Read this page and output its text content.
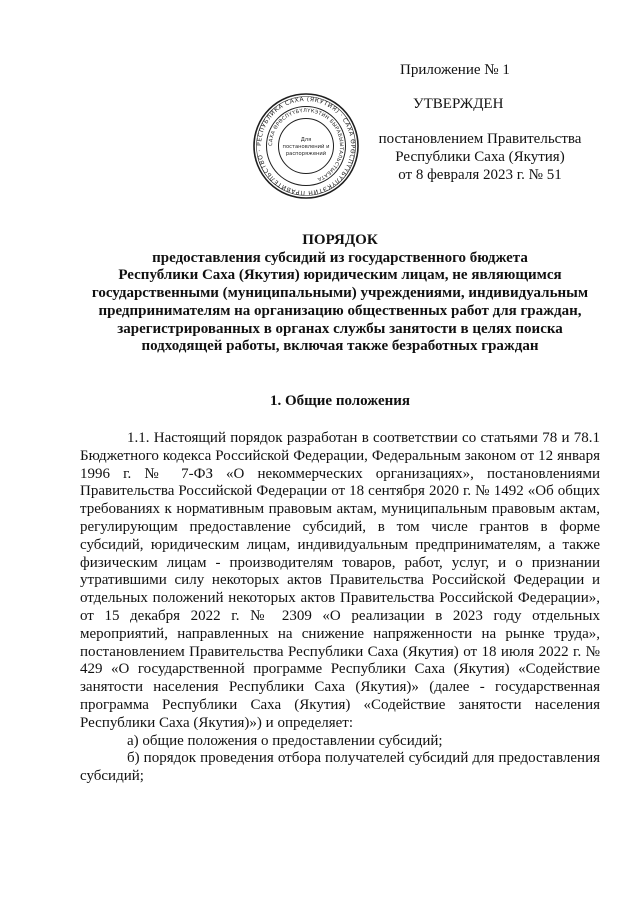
Приложение № 1
УТВЕРЖДЕН
постановлением Правительства
Республики Саха (Якутия)
от 8 февраля 2023 г. № 51
РЕСПУБЛИКА САХА (ЯКУТИЯ) · САХА ӨРӨСПҮҮБҮЛҮКЭТИН ПРАВИТЕЛЬСТВО ·
САХА ӨРӨСПҮҮБҮЛҮКЭТИН БЫРАБЫЫТАЛЬСТЫБАТА
Для
постановлений и
распоряжений
ПОРЯДОК
предоставления субсидий из государственного бюджета
Республики Саха (Якутия) юридическим лицам, не являющимся
государственными (муниципальными) учреждениями, индивидуальным
предпринимателям на организацию общественных работ для граждан,
зарегистрированных в органах службы занятости в целях поиска
подходящей работы, включая также безработных граждан
1. Общие положения

1.1. Настоящий порядок разработан в соответствии со статьями 78 и 78.1 Бюджетного кодекса Российской Федерации, Федеральным законом от 12 января 1996 г. № 7-ФЗ «О некоммерческих организациях», постановлениями Правительства Российской Федерации от 18 сентября 2020 г. № 1492 «Об общих требованиях к нормативным правовым актам, муниципальным правовым актам, регулирующим предоставление субсидий, в том числе грантов в форме субсидий, юридическим лицам, индивидуальным предпринимателям, а также физическим лицам - производителям товаров, работ, услуг, и о признании утратившими силу некоторых актов Правительства Российской Федерации и отдельных положений некоторых актов Правительства Российской Федерации», от 15 декабря 2022 г. № 2309 «О реализации в 2023 году отдельных мероприятий, направленных на снижение напряженности на рынке труда», постановлением Правительства Республики Саха (Якутия) от 18 июля 2022 г. № 429 «О государственной программе Республики Саха (Якутия) «Содействие занятости населения Республики Саха (Якутия)» (далее - государственная программа Республики Саха (Якутия) «Содействие занятости населения Республики Саха (Якутия)») и определяет:

а) общие положения о предоставлении субсидий;

б) порядок проведения отбора получателей субсидий для предоставления субсидий;
